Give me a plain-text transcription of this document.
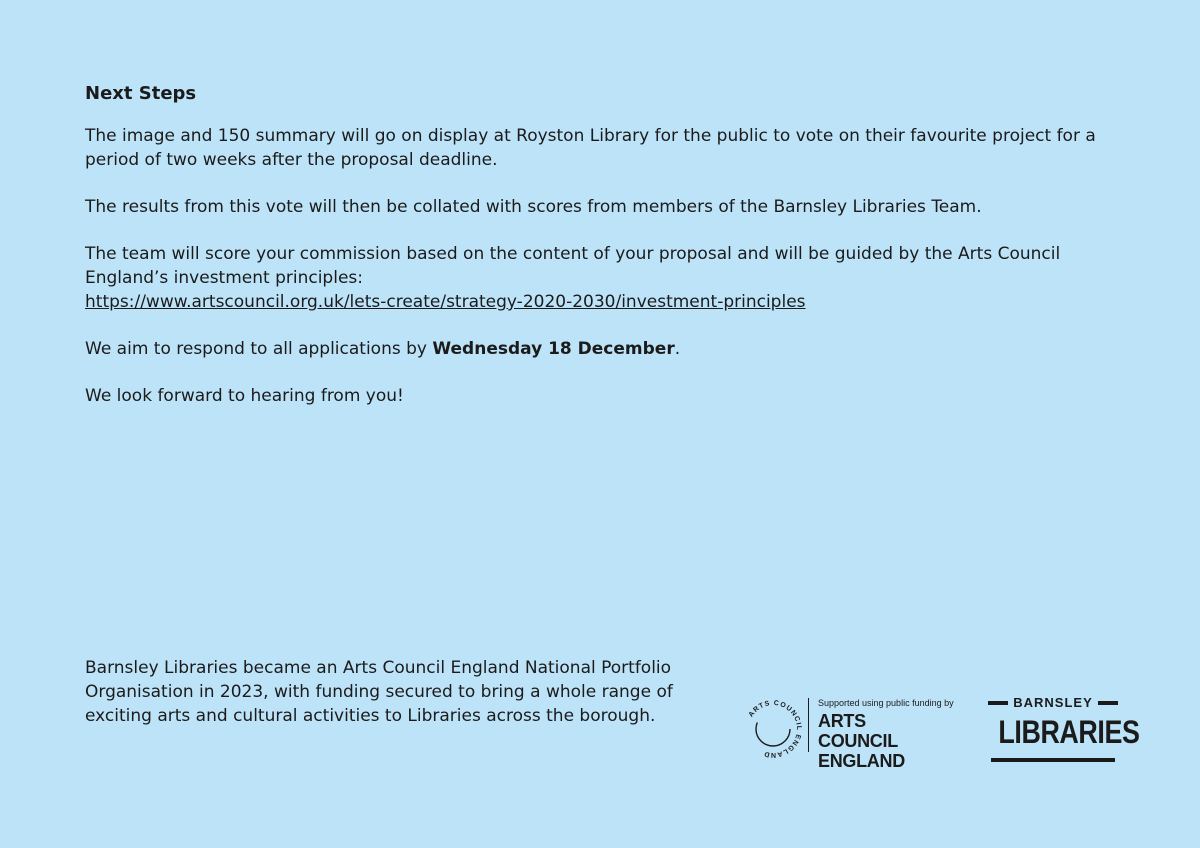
Next Steps

The image and 150 summary will go on display at Royston Library for the public to vote on their favourite project for a period of two weeks after the proposal deadline.

The results from this vote will then be collated with scores from members of the Barnsley Libraries Team.

The team will score your commission based on the content of your proposal and will be guided by the Arts Council England’s investment principles:
https://www.artscouncil.org.uk/lets-create/strategy-2020-2030/investment-principles

We aim to respond to all applications by Wednesday 18 December.

We look forward to hearing from you!

Barnsley Libraries became an Arts Council England National Portfolio Organisation in 2023, with funding secured to bring a whole range of exciting arts and cultural activities to Libraries across the borough.	ARTS COUNCIL ENGLAND
Supported using public funding by
ARTS COUNCIL
ENGLAND
BARNSLEY
LIBRARIES
